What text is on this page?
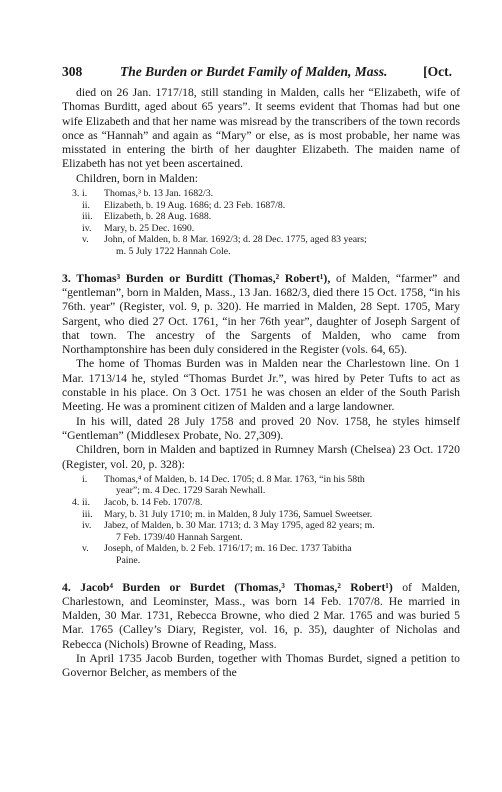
308	The Burden or Burdet Family of Malden, Mass.	[Oct.

died on 26 Jan. 1717/18, still standing in Malden, calls her “Elizabeth, wife of Thomas Burditt, aged about 65 years”. It seems evident that Thomas had but one wife Elizabeth and that her name was misread by the transcribers of the town records once as “Hannah” and again as “Mary” or else, as is most probable, her name was misstated in entering the birth of her daughter Elizabeth. The maiden name of Elizabeth has not yet been ascertained.

Children, born in Malden:

3. i.	Thomas,³ b. 13 Jan. 1682/3.
ii.	Elizabeth, b. 19 Aug. 1686; d. 23 Feb. 1687/8.
iii.	Elizabeth, b. 28 Aug. 1688.
iv.	Mary, b. 25 Dec. 1690.
v.	John, of Malden, b. 8 Mar. 1692/3; d. 28 Dec. 1775, aged 83 years;
m. 5 July 1722 Hannah Cole.

3. Thomas³ Burden or Burditt (Thomas,² Robert¹), of Malden, “farmer” and “gentleman”, born in Malden, Mass., 13 Jan. 1682/3, died there 15 Oct. 1758, “in his 76th. year” (Register, vol. 9, p. 320). He married in Malden, 28 Sept. 1705, Mary Sargent, who died 27 Oct. 1761, “in her 76th year”, daughter of Joseph Sargent of that town. The ancestry of the Sargents of Malden, who came from Northamptonshire has been duly considered in the Register (vols. 64, 65).

The home of Thomas Burden was in Malden near the Charlestown line. On 1 Mar. 1713/14 he, styled “Thomas Burdet Jr.”, was hired by Peter Tufts to act as constable in his place. On 3 Oct. 1751 he was chosen an elder of the South Parish Meeting. He was a prominent citizen of Malden and a large landowner.

In his will, dated 28 July 1758 and proved 20 Nov. 1758, he styles himself “Gentleman” (Middlesex Probate, No. 27,309).

Children, born in Malden and baptized in Rumney Marsh (Chelsea) 23 Oct. 1720 (Register, vol. 20, p. 328):

i.	Thomas,⁴ of Malden, b. 14 Dec. 1705; d. 8 Mar. 1763, “in his 58th
year”; m. 4 Dec. 1729 Sarah Newhall.
4. ii.	Jacob, b. 14 Feb. 1707/8.
iii.	Mary, b. 31 July 1710; m. in Malden, 8 July 1736, Samuel Sweetser.
iv.	Jabez, of Malden, b. 30 Mar. 1713; d. 3 May 1795, aged 82 years; m.
7 Feb. 1739/40 Hannah Sargent.
v.	Joseph, of Malden, b. 2 Feb. 1716/17; m. 16 Dec. 1737 Tabitha
Paine.

4. Jacob⁴ Burden or Burdet (Thomas,³ Thomas,² Robert¹) of Malden, Charlestown, and Leominster, Mass., was born 14 Feb. 1707/8. He married in Malden, 30 Mar. 1731, Rebecca Browne, who died 2 Mar. 1765 and was buried 5 Mar. 1765 (Calley’s Diary, Register, vol. 16, p. 35), daughter of Nicholas and Rebecca (Nichols) Browne of Reading, Mass.

In April 1735 Jacob Burden, together with Thomas Burdet, signed a petition to Governor Belcher, as members of the
